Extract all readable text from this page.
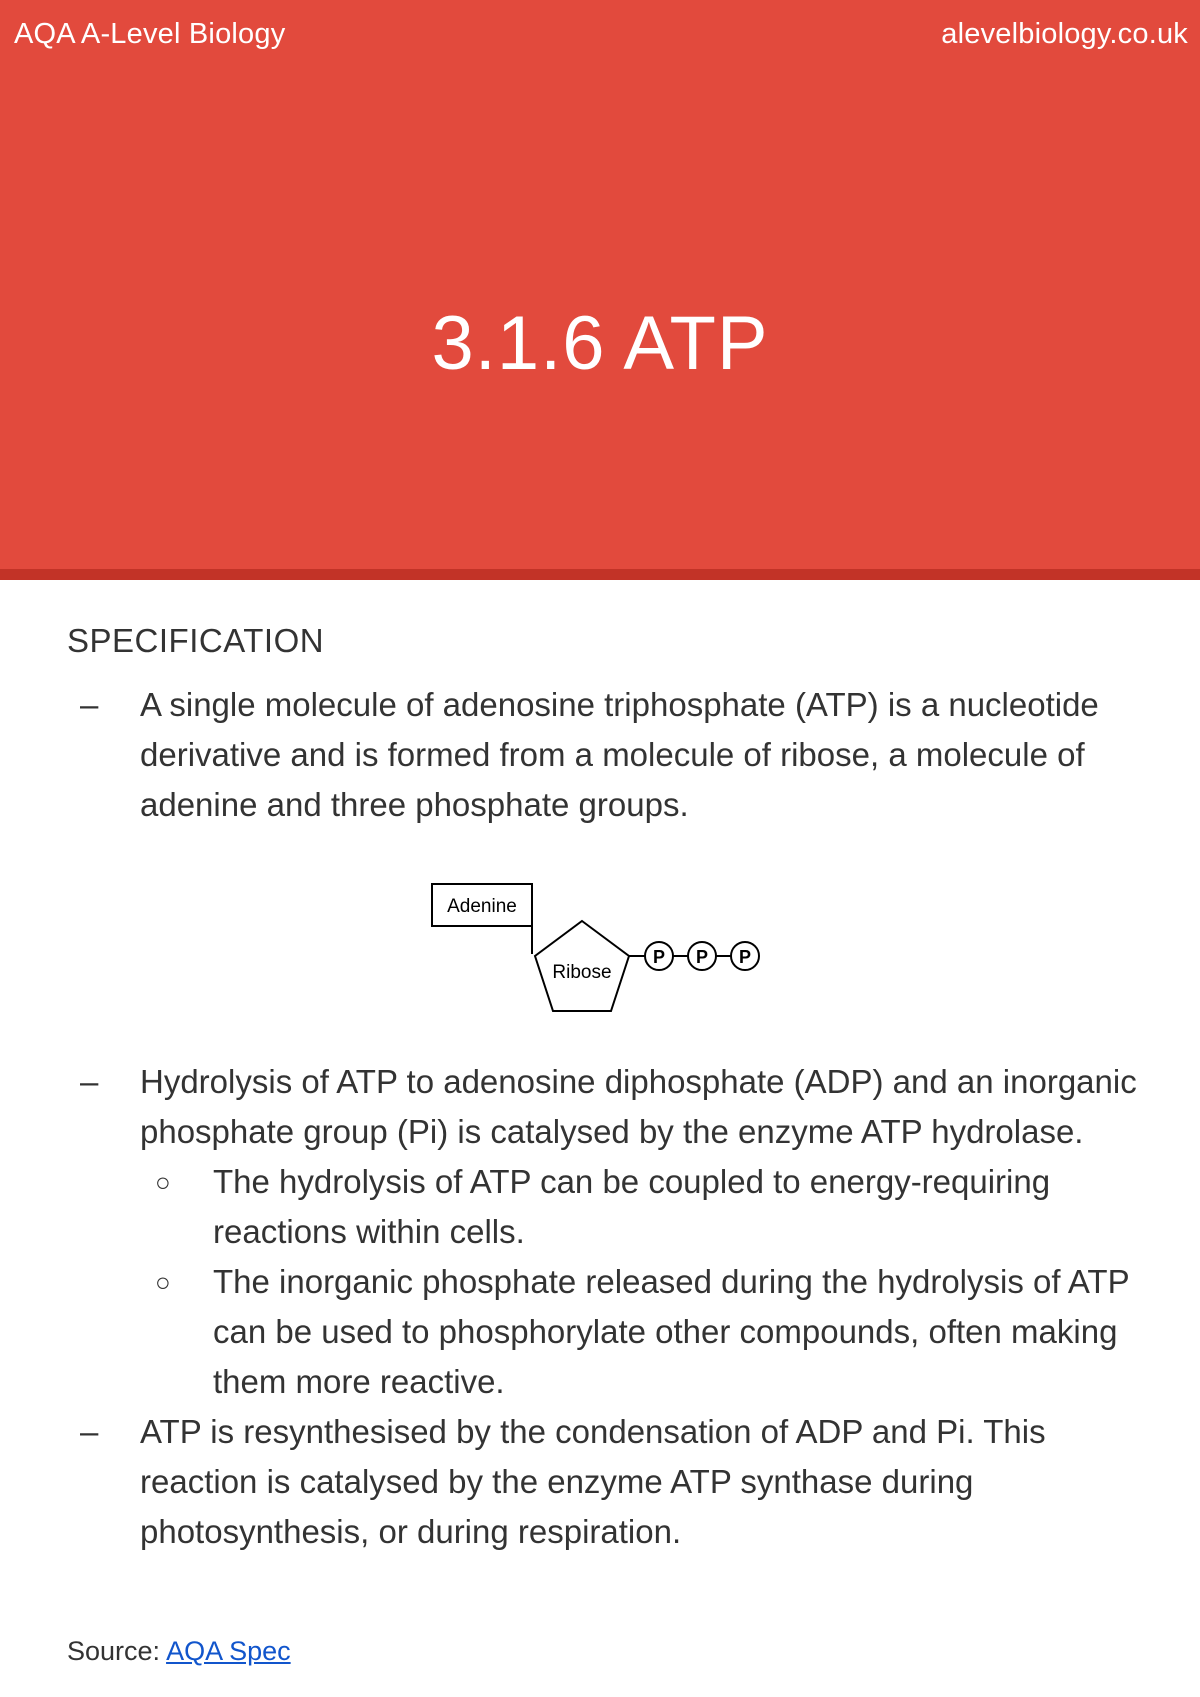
AQA A-Level Biology	alevelbiology.co.uk
3.1.6 ATP
SPECIFICATION
– A single molecule of adenosine triphosphate (ATP) is a nucleotide
derivative and is formed from a molecule of ribose, a molecule of
adenine and three phosphate groups.
Adenine
Ribose
P P P
– Hydrolysis of ATP to adenosine diphosphate (ADP) and an inorganic
phosphate group (Pi) is catalysed by the enzyme ATP hydrolase.
○ The hydrolysis of ATP can be coupled to energy-requiring
reactions within cells.
○ The inorganic phosphate released during the hydrolysis of ATP
can be used to phosphorylate other compounds, often making
them more reactive.
– ATP is resynthesised by the condensation of ADP and Pi. This
reaction is catalysed by the enzyme ATP synthase during
photosynthesis, or during respiration.
Source: AQA Spec
